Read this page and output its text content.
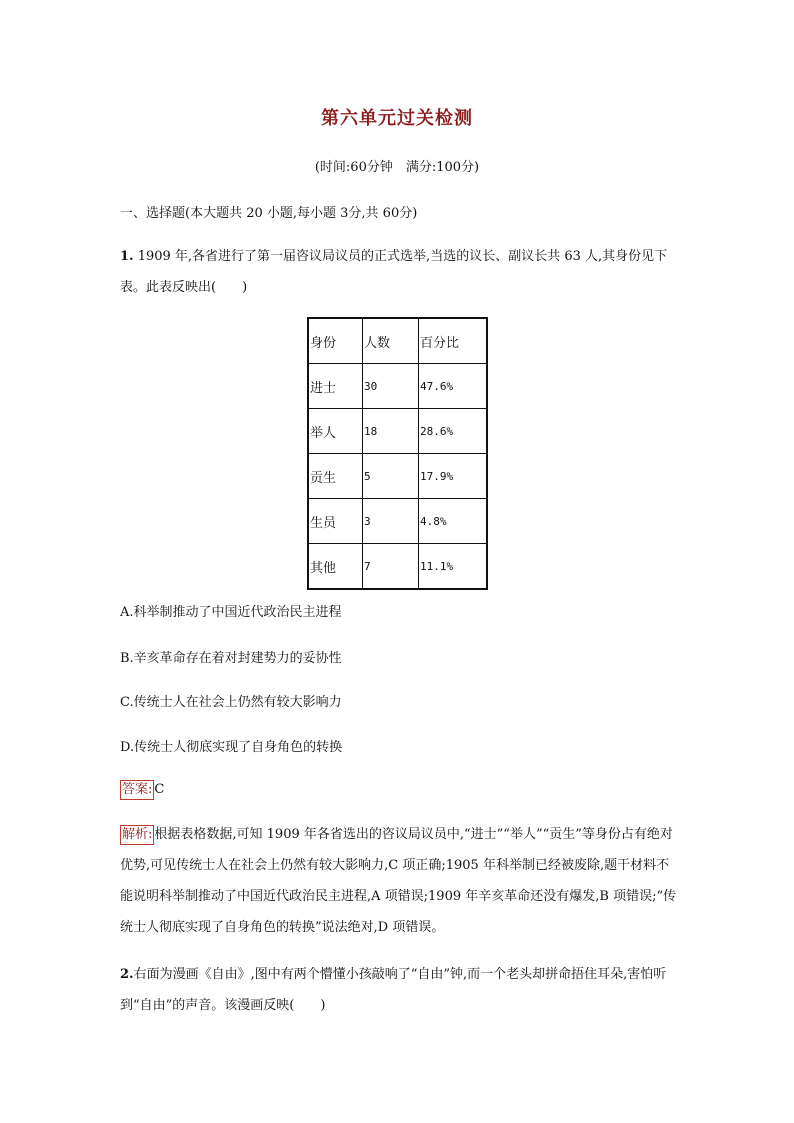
第六单元过关检测
(时间:60分钟　满分:100分)
一、选择题(本大题共 20 小题,每小题 3分,共 60分)
1. 1909 年,各省进行了第一届咨议局议员的正式选举,当选的议长、副议长共 63 人,其身份见下表。此表反映出(　　)
身份	人数	百分比
进士	30	47.6%
举人	18	28.6%
贡生	5	17.9%
生员	3	4.8%
其他	7	11.1%
A.科举制推动了中国近代政治民主进程
B.辛亥革命存在着对封建势力的妥协性
C.传统士人在社会上仍然有较大影响力
D.传统士人彻底实现了自身角色的转换
答案: C
解析: 根据表格数据,可知 1909 年各省选出的咨议局议员中,“进士”“举人”“贡生”等身份占有绝对优势,可见传统士人在社会上仍然有较大影响力,C 项正确;1905 年科举制已经被废除,题干材料不能说明科举制推动了中国近代政治民主进程,A 项错误;1909 年辛亥革命还没有爆发,B 项错误;“传统士人彻底实现了自身角色的转换”说法绝对,D 项错误。
2.右面为漫画《自由》,图中有两个懵懂小孩敲响了“自由”钟,而一个老头却拼命捂住耳朵,害怕听到“自由”的声音。该漫画反映(　　)
